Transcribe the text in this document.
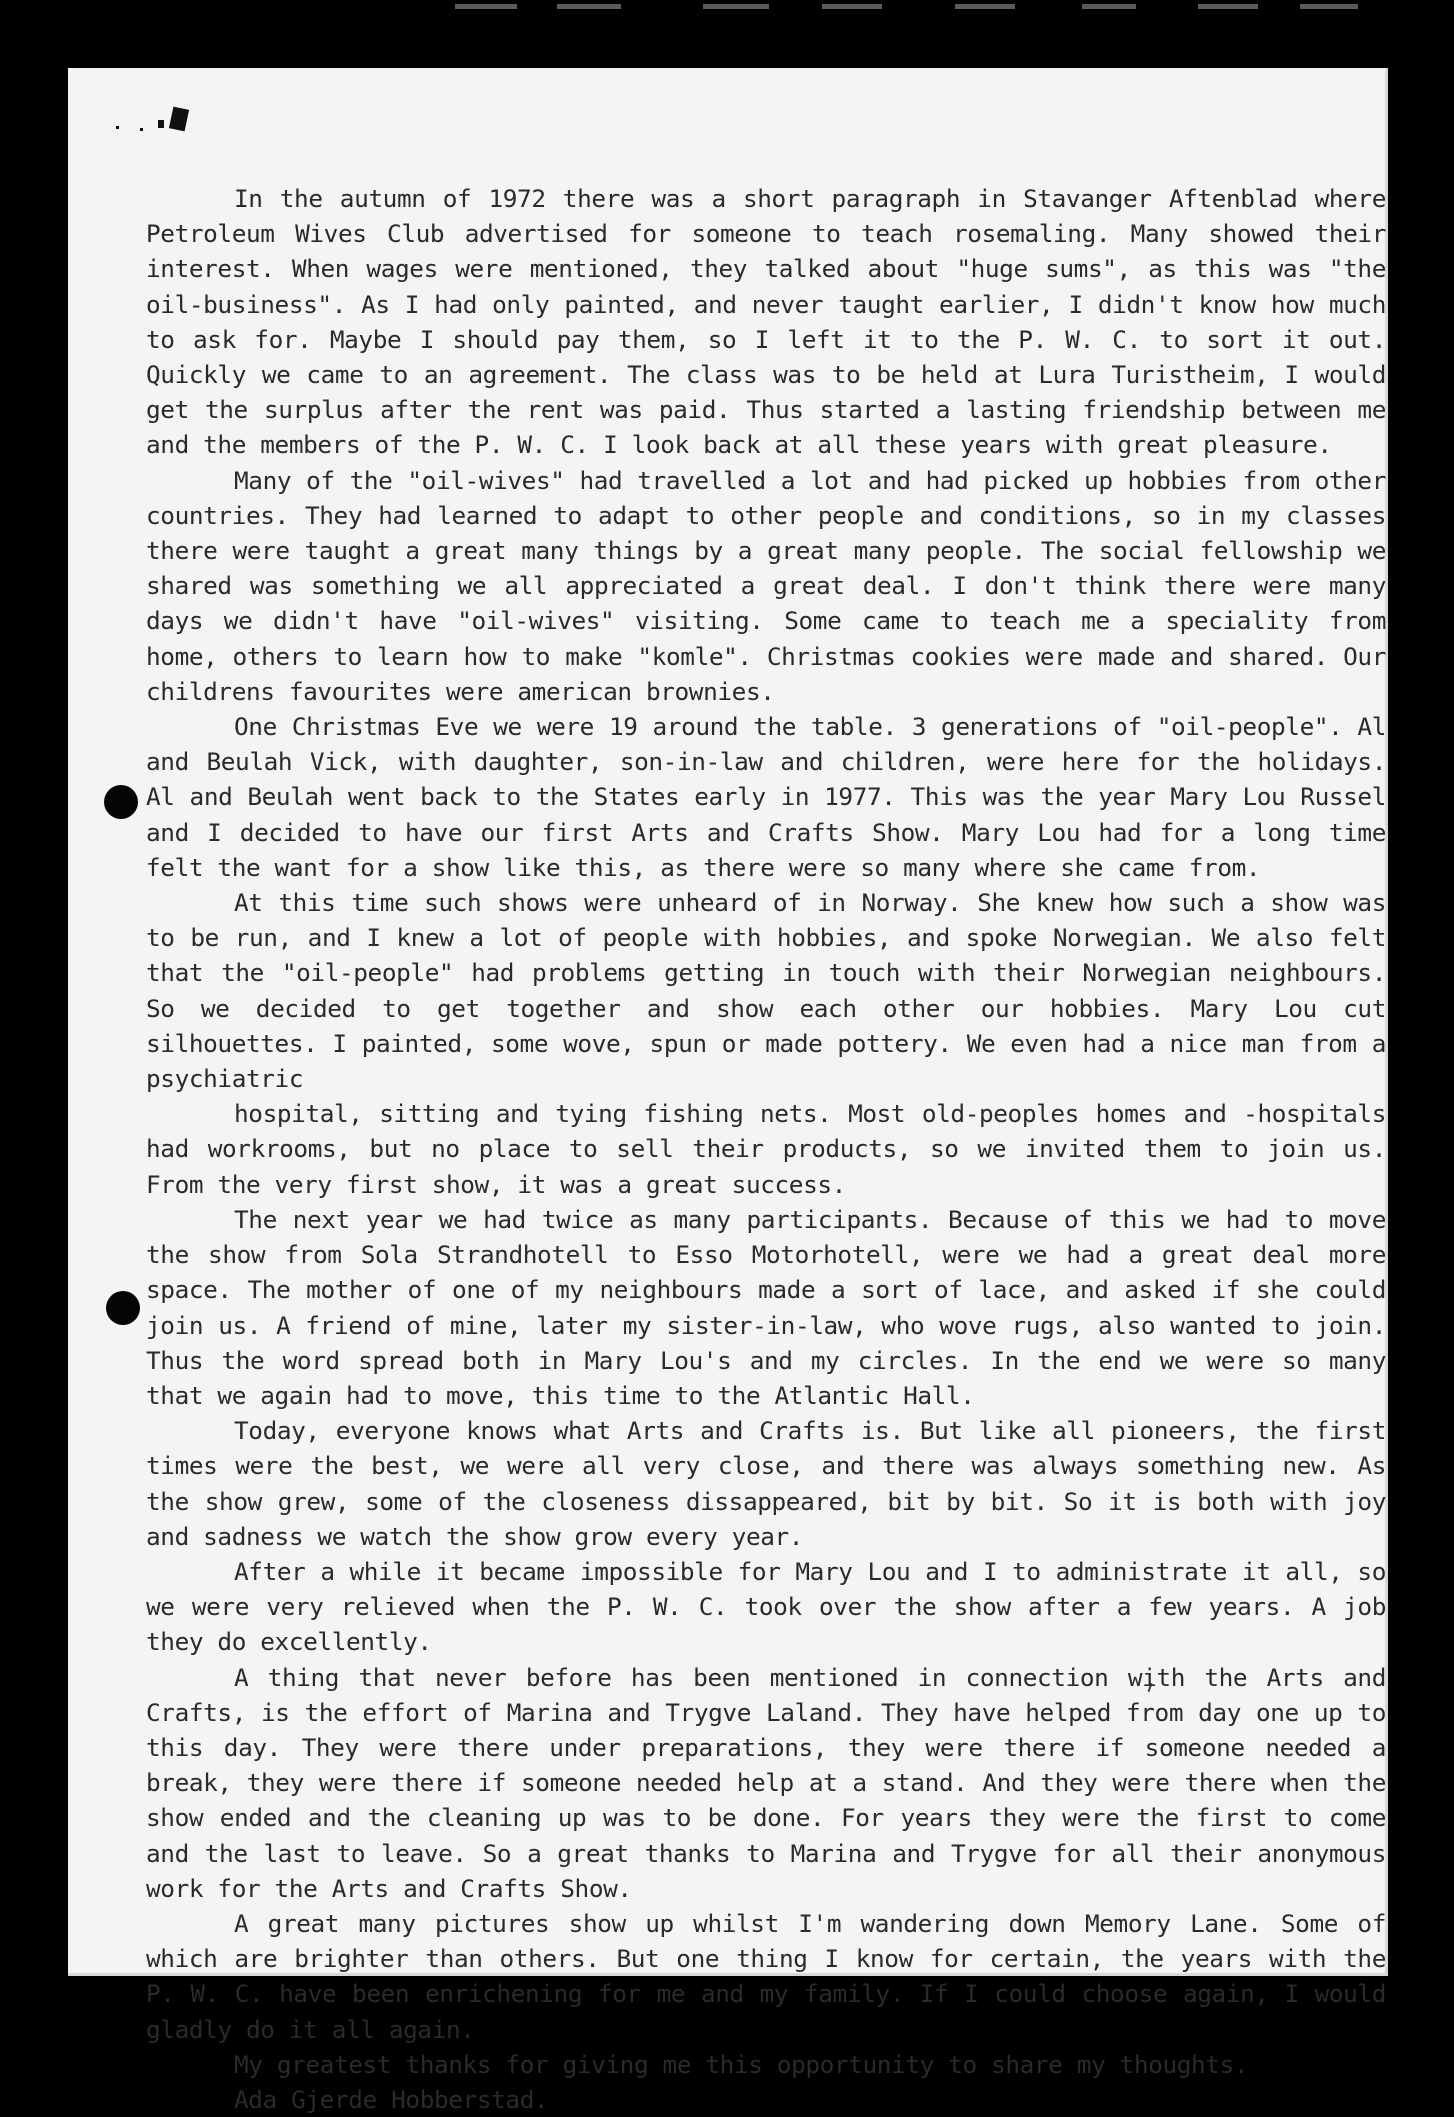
In the autumn of 1972 there was a short paragraph in Stavanger Aftenblad where Petroleum Wives Club advertised for someone to teach rosemaling. Many showed their interest. When wages were mentioned, they talked about "huge sums", as this was "the oil-business". As I had only painted, and never taught earlier, I didn't know how much to ask for. Maybe I should pay them, so I left it to the P. W. C. to sort it out. Quickly we came to an agreement. The class was to be held at Lura Turistheim, I would get the surplus after the rent was paid. Thus started a lasting friendship between me and the members of the P. W. C. I look back at all these years with great pleasure.

Many of the "oil-wives" had travelled a lot and had picked up hobbies from other countries. They had learned to adapt to other people and conditions, so in my classes there were taught a great many things by a great many people. The social fellowship we shared was something we all appreciated a great deal. I don't think there were many days we didn't have "oil-wives" visiting. Some came to teach me a speciality from home, others to learn how to make "komle". Christmas cookies were made and shared. Our childrens favourites were american brownies.

One Christmas Eve we were 19 around the table. 3 generations of "oil-people". Al and Beulah Vick, with daughter, son-in-law and children, were here for the holidays. Al and Beulah went back to the States early in 1977. This was the year Mary Lou Russel and I decided to have our first Arts and Crafts Show. Mary Lou had for a long time felt the want for a show like this, as there were so many where she came from.

At this time such shows were unheard of in Norway. She knew how such a show was to be run, and I knew a lot of people with hobbies, and spoke Norwegian. We also felt that the "oil-people" had problems getting in touch with their Norwegian neighbours. So we decided to get together and show each other our hobbies. Mary Lou cut silhouettes. I painted, some wove, spun or made pottery. We even had a nice man from a psychiatric

hospital, sitting and tying fishing nets. Most old-peoples homes and -hospitals had workrooms, but no place to sell their products, so we invited them to join us. From the very first show, it was a great success.

The next year we had twice as many participants. Because of this we had to move the show from Sola Strandhotell to Esso Motorhotell, were we had a great deal more space. The mother of one of my neighbours made a sort of lace, and asked if she could join us. A friend of mine, later my sister-in-law, who wove rugs, also wanted to join. Thus the word spread both in Mary Lou's and my circles. In the end we were so many that we again had to move, this time to the Atlantic Hall.

Today, everyone knows what Arts and Crafts is. But like all pioneers, the first times were the best, we were all very close, and there was always something new. As the show grew, some of the closeness dissappeared, bit by bit. So it is both with joy and sadness we watch the show grow every year.

After a while it became impossible for Mary Lou and I to administrate it all, so we were very relieved when the P. W. C. took over the show after a few years. A job they do excellently.

A thing that never before has been mentioned in connection with the Arts and Crafts, is the effort of Marina and Trygve Laland. They have helped from day one up to this day. They were there under preparations, they were there if someone needed a break, they were there if someone needed help at a stand. And they were there when the show ended and the cleaning up was to be done. For years they were the first to come and the last to leave. So a great thanks to Marina and Trygve for all their anonymous work for the Arts and Crafts Show.

A great many pictures show up whilst I'm wandering down Memory Lane. Some of which are brighter than others. But one thing I know for certain, the years with the P. W. C. have been enrichening for me and my family. If I could choose again, I would gladly do it all again.

My greatest thanks for giving me this opportunity to share my thoughts.

Ada Gjerde Hobberstad.
